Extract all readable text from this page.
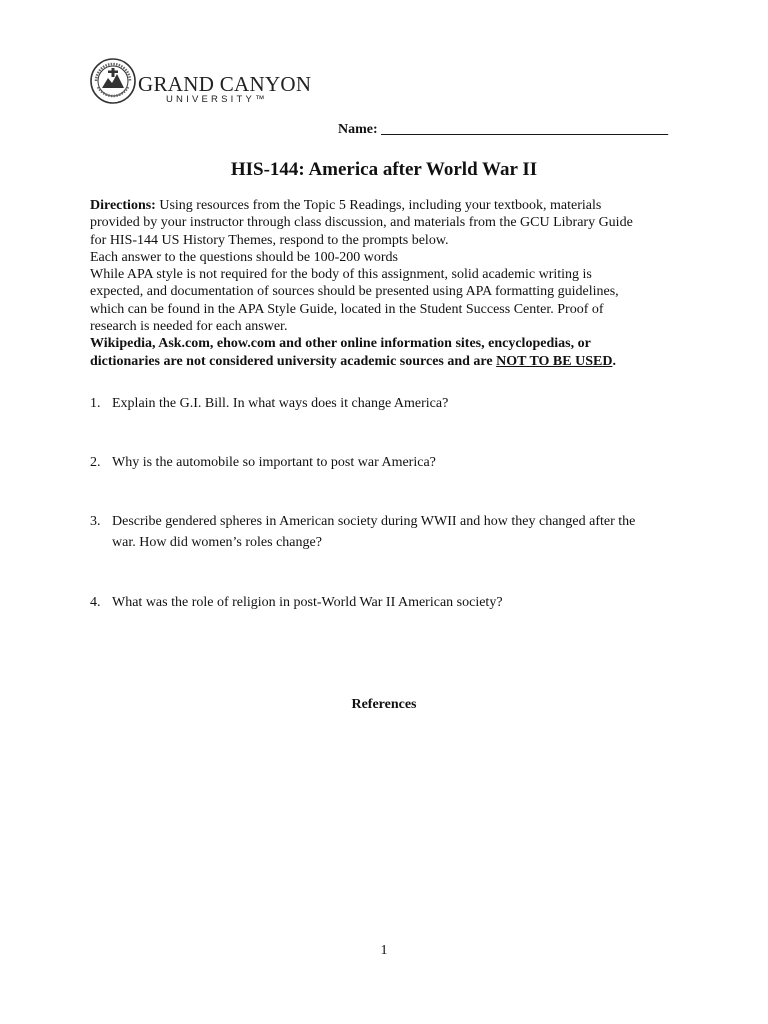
GRAND CANYON
UNIVERSITY™
Name: _________________________________________
HIS-144: America after World War II
Directions: Using resources from the Topic 5 Readings, including your textbook, materials
provided by your instructor through class discussion, and materials from the GCU Library Guide
for HIS-144 US History Themes, respond to the prompts below.
Each answer to the questions should be 100-200 words
While APA style is not required for the body of this assignment, solid academic writing is
expected, and documentation of sources should be presented using APA formatting guidelines,
which can be found in the APA Style Guide, located in the Student Success Center. Proof of
research is needed for each answer.
Wikipedia, Ask.com, ehow.com and other online information sites, encyclopedias, or
dictionaries are not considered university academic sources and are NOT TO BE USED.
1. Explain the G.I. Bill. In what ways does it change America?
2. Why is the automobile so important to post war America?
3. Describe gendered spheres in American society during WWII and how they changed after the
war. How did women’s roles change?
4. What was the role of religion in post-World War II American society?
References
1
